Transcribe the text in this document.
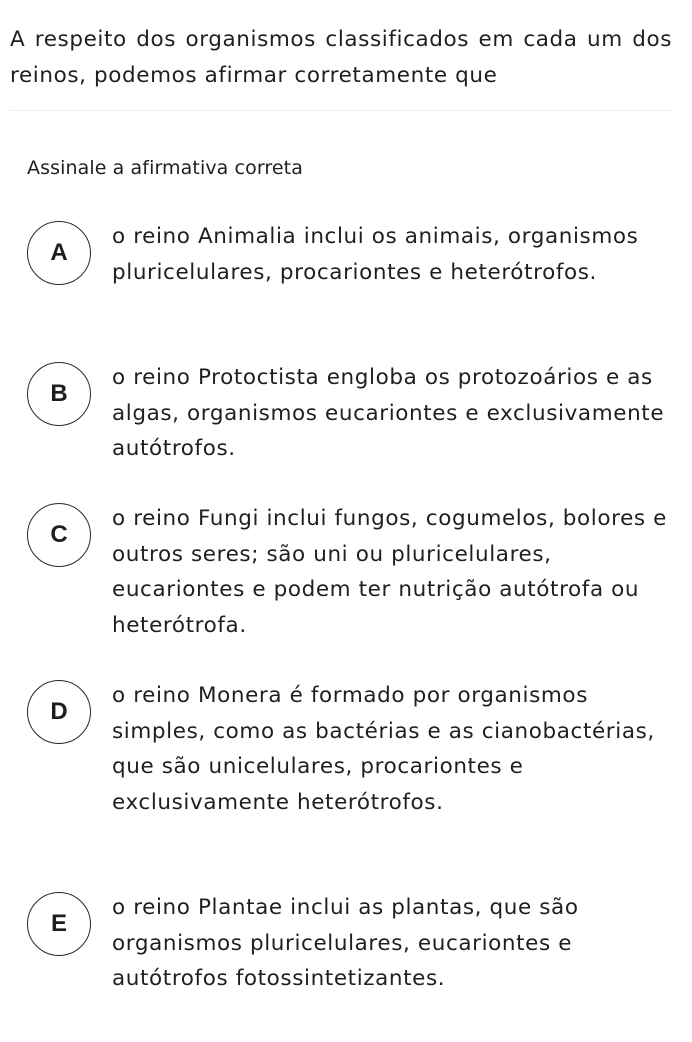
A respeito dos organismos classificados em cada um dos reinos, podemos afirmar corretamente que
Assinale a afirmativa correta
A
o reino Animalia inclui os animais, organismos pluricelulares, procariontes e heterótrofos.
B
o reino Protoctista engloba os protozoários e as algas, organismos eucariontes e exclusivamente autótrofos.
C
o reino Fungi inclui fungos, cogumelos, bolores e outros seres; são uni ou pluricelulares, eucariontes e podem ter nutrição autótrofa ou heterótrofa.
D
o reino Monera é formado por organismos simples, como as bactérias e as cianobactérias, que são unicelulares, procariontes e exclusivamente heterótrofos.
E
o reino Plantae inclui as plantas, que são organismos pluricelulares, eucariontes e autótrofos fotossintetizantes.
